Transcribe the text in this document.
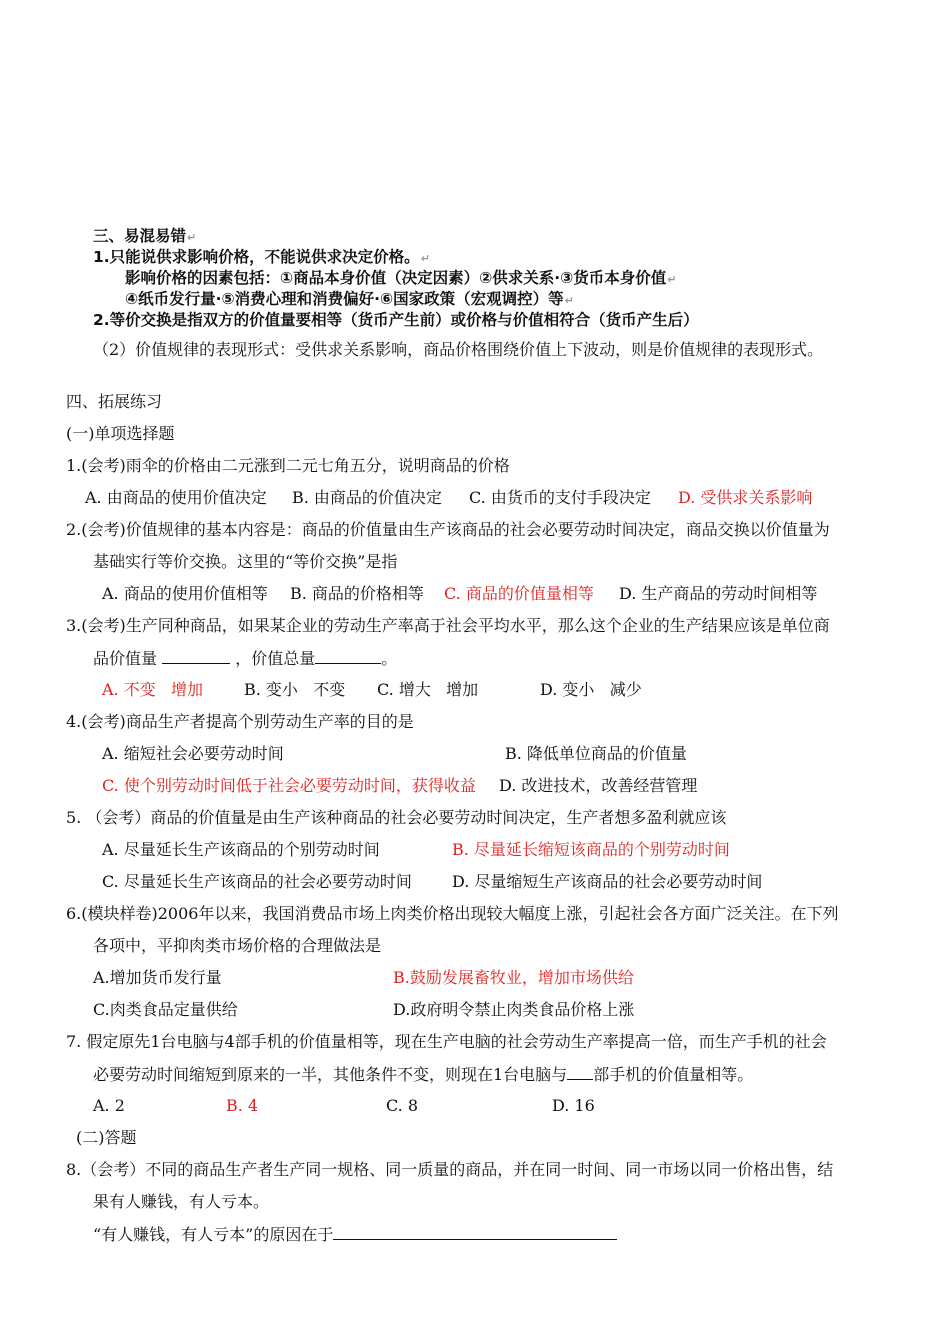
三、易混易错↵
1.只能说供求影响价格，不能说供求决定价格。↵
影响价格的因素包括：①商品本身价值（决定因素）②供求关系·③货币本身价值↵
④纸币发行量·⑤消费心理和消费偏好·⑥国家政策（宏观调控）等↵
2.等价交换是指双方的价值量要相等（货币产生前）或价格与价值相符合（货币产生后）
（2）价值规律的表现形式：受供求关系影响，商品价格围绕价值上下波动，则是价值规律的表现形式。
四、拓展练习
(一)单项选择题
1.(会考)雨伞的价格由二元涨到二元七角五分，说明商品的价格
A. 由商品的使用价值决定 B. 由商品的价值决定 C. 由货币的支付手段决定 D. 受供求关系影响
2.(会考)价值规律的基本内容是：商品的价值量由生产该商品的社会必要劳动时间决定，商品交换以价值量为
基础实行等价交换。这里的“等价交换”是指
A. 商品的使用价值相等 B. 商品的价格相等 C. 商品的价值量相等 D. 生产商品的劳动时间相等
3.(会考)生产同种商品，如果某企业的劳动生产率高于社会平均水平，那么这个企业的生产结果应该是单位商
品价值量	，价值总量	。
A. 不变   增加	B. 变小   不变 C. 增大   增加	D. 变小   减少
4.(会考)商品生产者提高个别劳动生产率的目的是
A. 缩短社会必要劳动时间	B. 降低单位商品的价值量
C. 使个别劳动时间低于社会必要劳动时间，获得收益 D. 改进技术，改善经营管理
5. （会考）商品的价值量是由生产该种商品的社会必要劳动时间决定，生产者想多盈利就应该
A. 尽量延长生产该商品的个别劳动时间	B. 尽量延长缩短该商品的个别劳动时间
C. 尽量延长生产该商品的社会必要劳动时间	D. 尽量缩短生产该商品的社会必要劳动时间
6.(模块样卷)2006年以来，我国消费品市场上肉类价格出现较大幅度上涨，引起社会各方面广泛关注。在下列
各项中，平抑肉类市场价格的合理做法是
A.增加货币发行量	B.鼓励发展畜牧业，增加市场供给
C.肉类食品定量供给	D.政府明令禁止肉类食品价格上涨
7. 假定原先1台电脑与4部手机的价值量相等，现在生产电脑的社会劳动生产率提高一倍，而生产手机的社会
必要劳动时间缩短到原来的一半，其他条件不变，则现在1台电脑与 部手机的价值量相等。
A. 2	B. 4	C. 8	D. 16
(二)答题
8.（会考）不同的商品生产者生产同一规格、同一质量的商品，并在同一时间、同一市场以同一价格出售，结
果有人赚钱，有人亏本。
“有人赚钱，有人亏本”的原因在于
